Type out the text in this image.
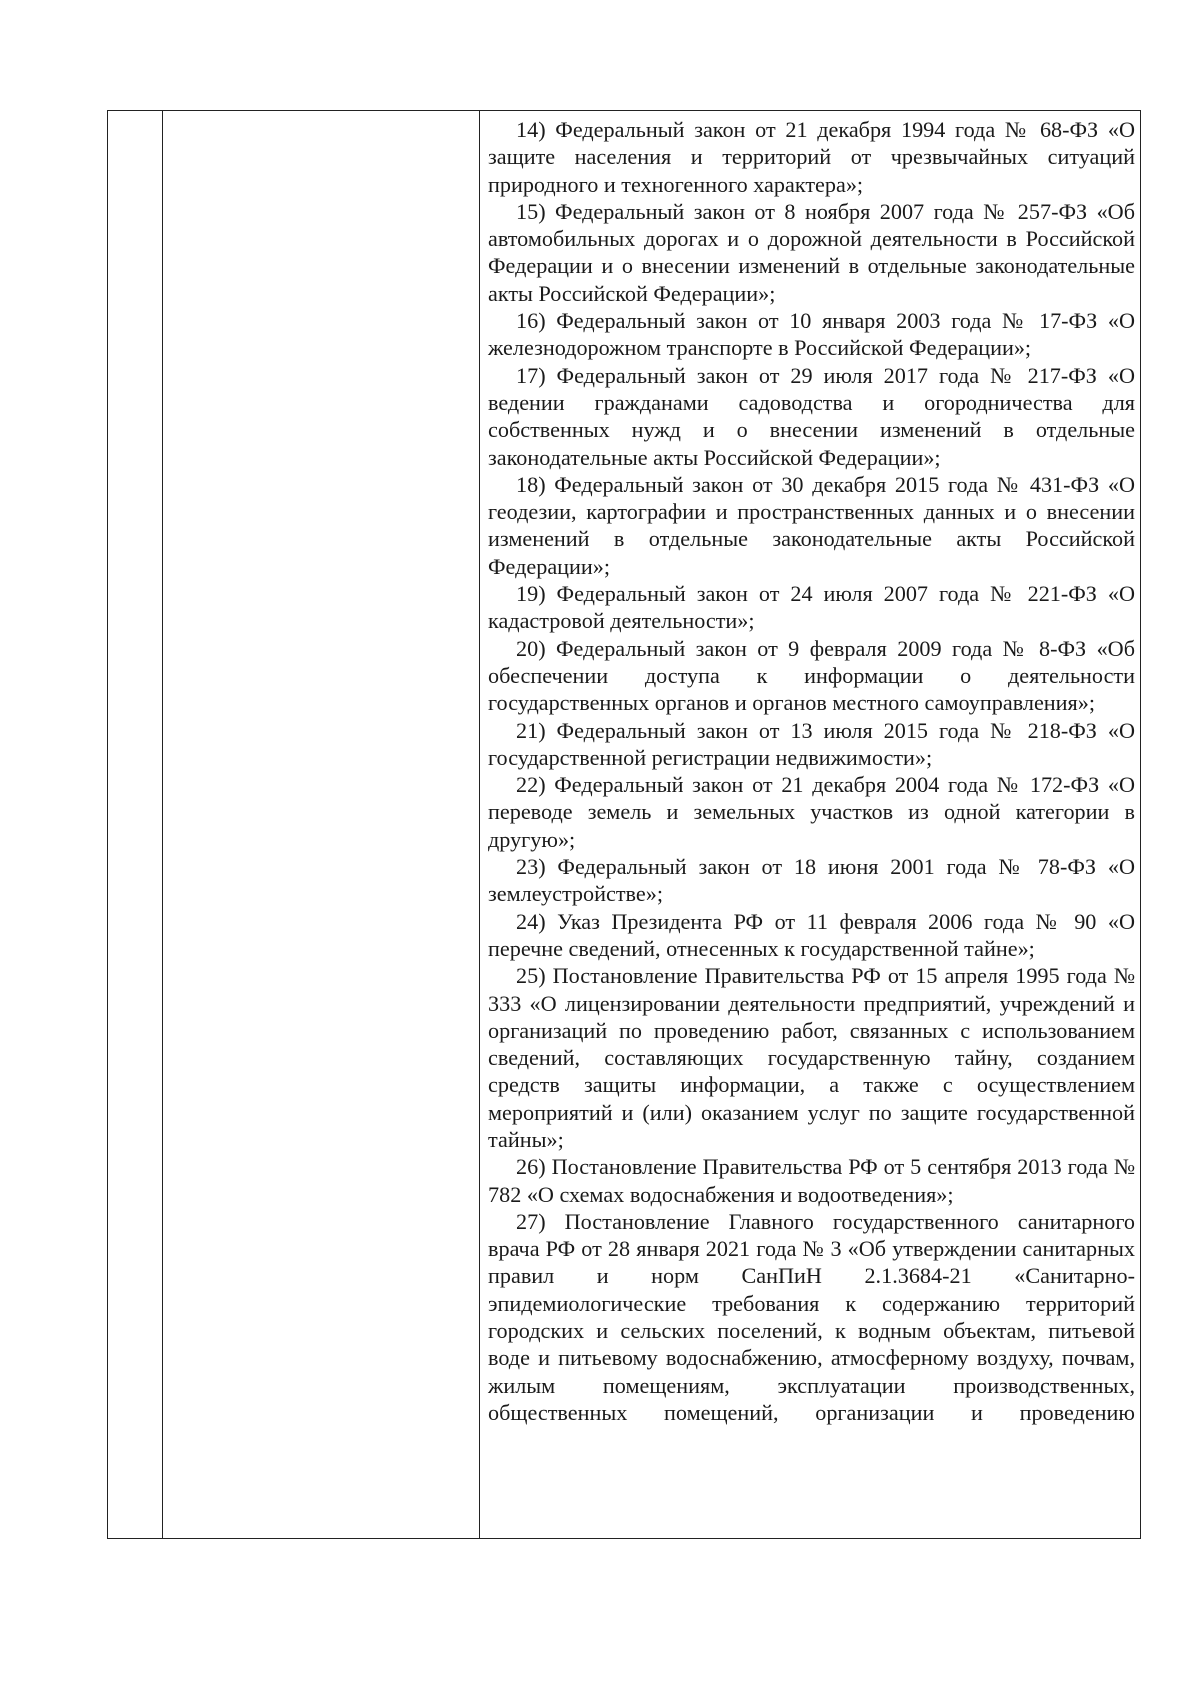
14) Федеральный закон от 21 декабря 1994 года № 68-ФЗ «О защите населения и территорий от чрезвычайных ситуаций природного и техногенного характера»;

15) Федеральный закон от 8 ноября 2007 года № 257-ФЗ «Об автомобильных дорогах и о дорожной деятельности в Российской Федерации и о внесении изменений в отдельные законодательные акты Российской Федерации»;

16) Федеральный закон от 10 января 2003 года № 17-ФЗ «О железнодорожном транспорте в Российской Федерации»;

17) Федеральный закон от 29 июля 2017 года № 217-ФЗ «О ведении гражданами садоводства и огородничества для собственных нужд и о внесении изменений в отдельные законодательные акты Российской Федерации»;

18) Федеральный закон от 30 декабря 2015 года № 431-ФЗ «О геодезии, картографии и пространственных данных и о внесении изменений в отдельные законодательные акты Российской Федерации»;

19) Федеральный закон от 24 июля 2007 года № 221-ФЗ «О кадастровой деятельности»;

20) Федеральный закон от 9 февраля 2009 года № 8-ФЗ «Об обеспечении доступа к информации о деятельности государственных органов и органов местного самоуправления»;

21) Федеральный закон от 13 июля 2015 года № 218-ФЗ «О государственной регистрации недвижимости»;

22) Федеральный закон от 21 декабря 2004 года № 172-ФЗ «О переводе земель и земельных участков из одной категории в другую»;

23) Федеральный закон от 18 июня 2001 года № 78-ФЗ «О землеустройстве»;

24) Указ Президента РФ от 11 февраля 2006 года № 90 «О перечне сведений, отнесенных к государственной тайне»;

25) Постановление Правительства РФ от 15 апреля 1995 года № 333 «О лицензировании деятельности предприятий, учреждений и организаций по проведению работ, связанных с использованием сведений, составляющих государственную тайну, созданием средств защиты информации, а также с осуществлением мероприятий и (или) оказанием услуг по защите государственной тайны»;

26) Постановление Правительства РФ от 5 сентября 2013 года № 782 «О схемах водоснабжения и водоотведения»;

27) Постановление Главного государственного санитарного врача РФ от 28 января 2021 года № 3 «Об утверждении санитарных правил и норм СанПиН 2.1.3684-21 «Санитарно-эпидемиологические требования к содержанию территорий городских и сельских поселений, к водным объектам, питьевой воде и питьевому водоснабжению, атмосферному воздуху, почвам, жилым помещениям, эксплуатации производственных, общественных помещений, организации и проведению
